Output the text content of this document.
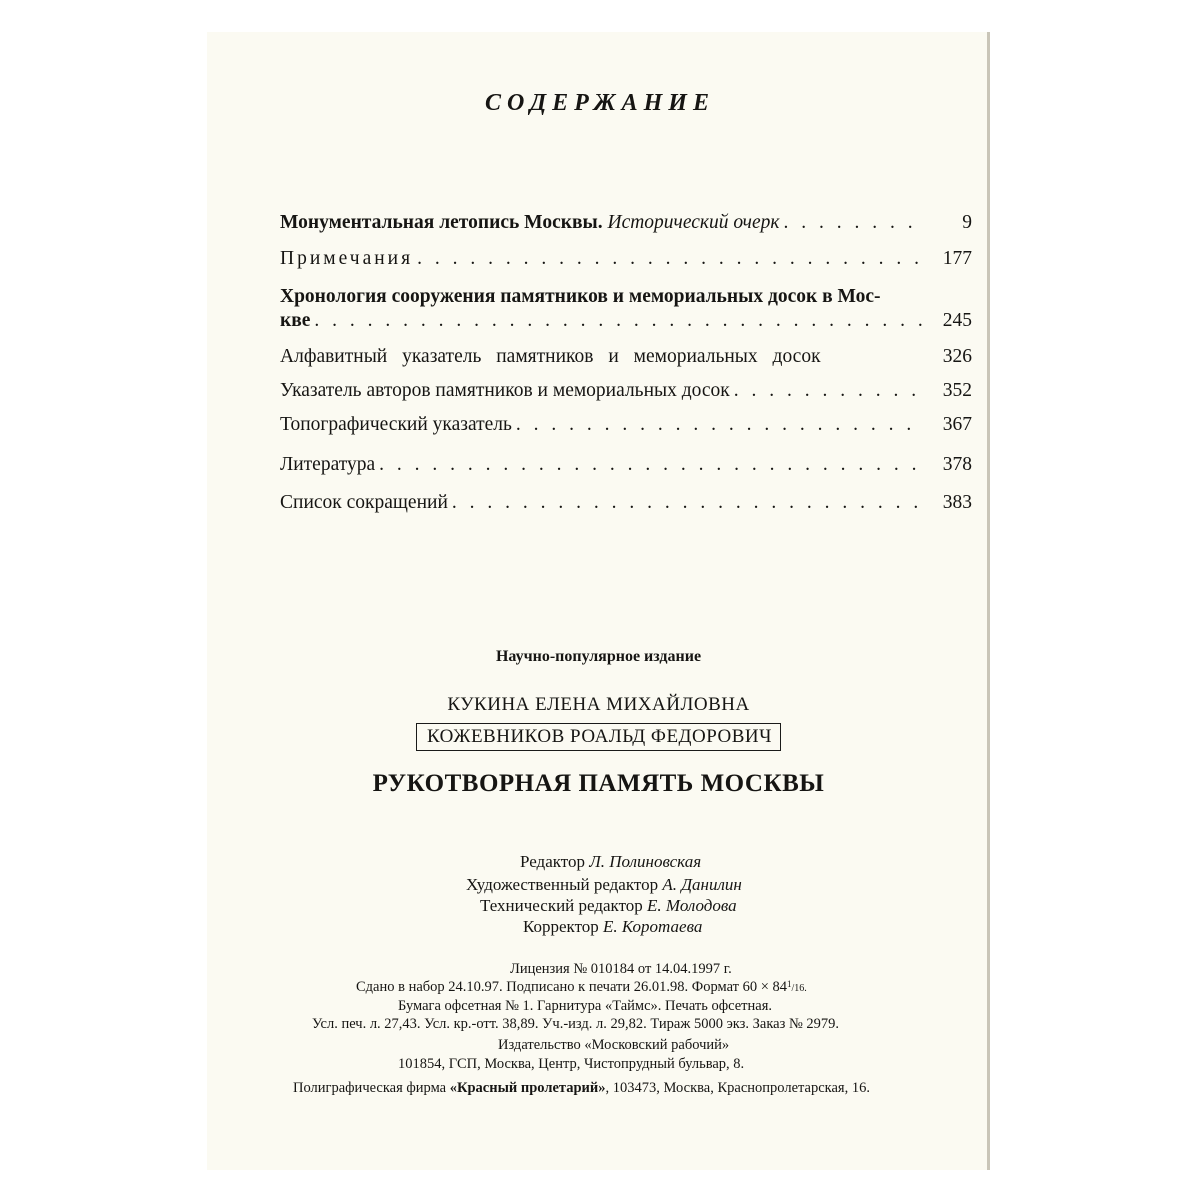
СОДЕРЖАНИЕ
Монументальная летопись Москвы. Исторический очерк . . .	9
Примечания . . .	177
Хронология сооружения памятников и мемориальных досок в Мос-
кве . . .	245
Алфавитный указатель памятников и мемориальных досок	326
Указатель авторов памятников и мемориальных досок . . .	352
Топографический указатель . . .	367
Литература . . .	378
Список сокращений . . .	383
Научно-популярное издание
КУКИНА ЕЛЕНА МИХАЙЛОВНА
КОЖЕВНИКОВ РОАЛЬД ФЕДОРОВИЧ
РУКОТВОРНАЯ ПАМЯТЬ МОСКВЫ
Редактор Л. Полиновская
Художественный редактор А. Данилин
Технический редактор Е. Молодова
Корректор Е. Коротаева
Лицензия № 010184 от 14.04.1997 г.
Сдано в набор 24.10.97. Подписано к печати 26.01.98. Формат $60 \times 84^1/16$.
Бумага офсетная № 1. Гарнитура «Таймс». Печать офсетная.
Усл. печ. л. 27,43. Усл. кр.-отт. 38,89. Уч.-изд. л. 29,82. Тираж 5000 экз. Заказ № 2979.
Издательство «Московский рабочий»
101854, ГСП, Москва, Центр, Чистопрудный бульвар, 8.
Полиграфическая фирма «Красный пролетарий», 103473, Москва, Краснопролетарская, 16.
